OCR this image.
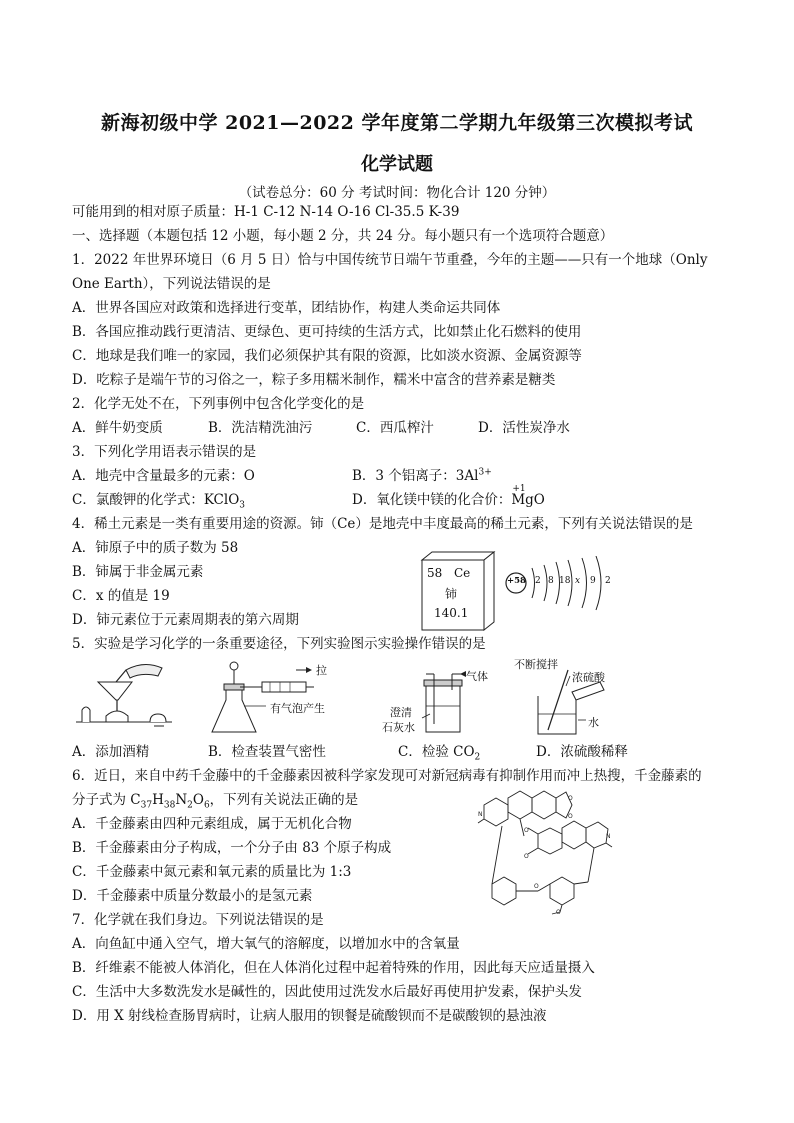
新海初级中学 2021—2022 学年度第二学期九年级第三次模拟考试
化学试题
（试卷总分：60 分 考试时间：物化合计 120 分钟）
可能用到的相对原子质量：H-1 C-12 N-14 O-16 Cl-35.5 K-39
一、选择题（本题包括 12 小题，每小题 2 分，共 24 分。每小题只有一个选项符合题意）
1．2022 年世界环境日（6 月 5 日）恰与中国传统节日端午节重叠，今年的主题——只有一个地球（Only
One Earth），下列说法错误的是
A．世界各国应对政策和选择进行变革，团结协作，构建人类命运共同体
B．各国应推动践行更清洁、更绿色、更可持续的生活方式，比如禁止化石燃料的使用
C．地球是我们唯一的家园，我们必须保护其有限的资源，比如淡水资源、金属资源等
D．吃粽子是端午节的习俗之一，粽子多用糯米制作，糯米中富含的营养素是糖类
2．化学无处不在，下列事例中包含化学变化的是
A．鲜牛奶变质	B．洗洁精洗油污	C．西瓜榨汁	D．活性炭净水
3．下列化学用语表示错误的是
A．地壳中含量最多的元素：O	B．3 个铝离子：$3Al^{3+}$
C．氯酸钾的化学式：KClO$_3$	D．氧化镁中镁的化合价：
+1
MgO
4．稀土元素是一类有重要用途的资源。铈（Ce）是地壳中丰度最高的稀土元素，下列有关说法错误的是
A．铈原子中的质子数为 58
B．铈属于非金属元素
C．x 的值是 19
D．铈元素位于元素周期表的第六周期
58 Ce
铈
140.1
+58 2 8 18 x 9 2
5．实验是学习化学的一条重要途径，下列实验图示实验操作错误的是
拉
有气泡产生
气体
澄清
石灰水
不断搅拌
浓硫酸
水
A．添加酒精	B．检查装置气密性	C．检验 $CO_2$	D．浓硫酸稀释
6．近日，来自中药千金藤中的千金藤素因被科学家发现可对新冠病毒有抑制作用而冲上热搜，千金藤素的
分子式为 $C_{37}H_{38}N_2O_6$，下列有关说法正确的是
A．千金藤素由四种元素组成，属于无机化合物
B．千金藤素由分子构成，一个分子由 83 个原子构成
C．千金藤素中氮元素和氧元素的质量比为 1:3
D．千金藤素中质量分数最小的是氢元素
O
O
N
N
O
O
O
O
7．化学就在我们身边。下列说法错误的是
A．向鱼缸中通入空气，增大氧气的溶解度，以增加水中的含氧量
B．纤维素不能被人体消化，但在人体消化过程中起着特殊的作用，因此每天应适量摄入
C．生活中大多数洗发水是碱性的，因此使用过洗发水后最好再使用护发素，保护头发
D．用 X 射线检查肠胃病时，让病人服用的钡餐是硫酸钡而不是碳酸钡的悬浊液
